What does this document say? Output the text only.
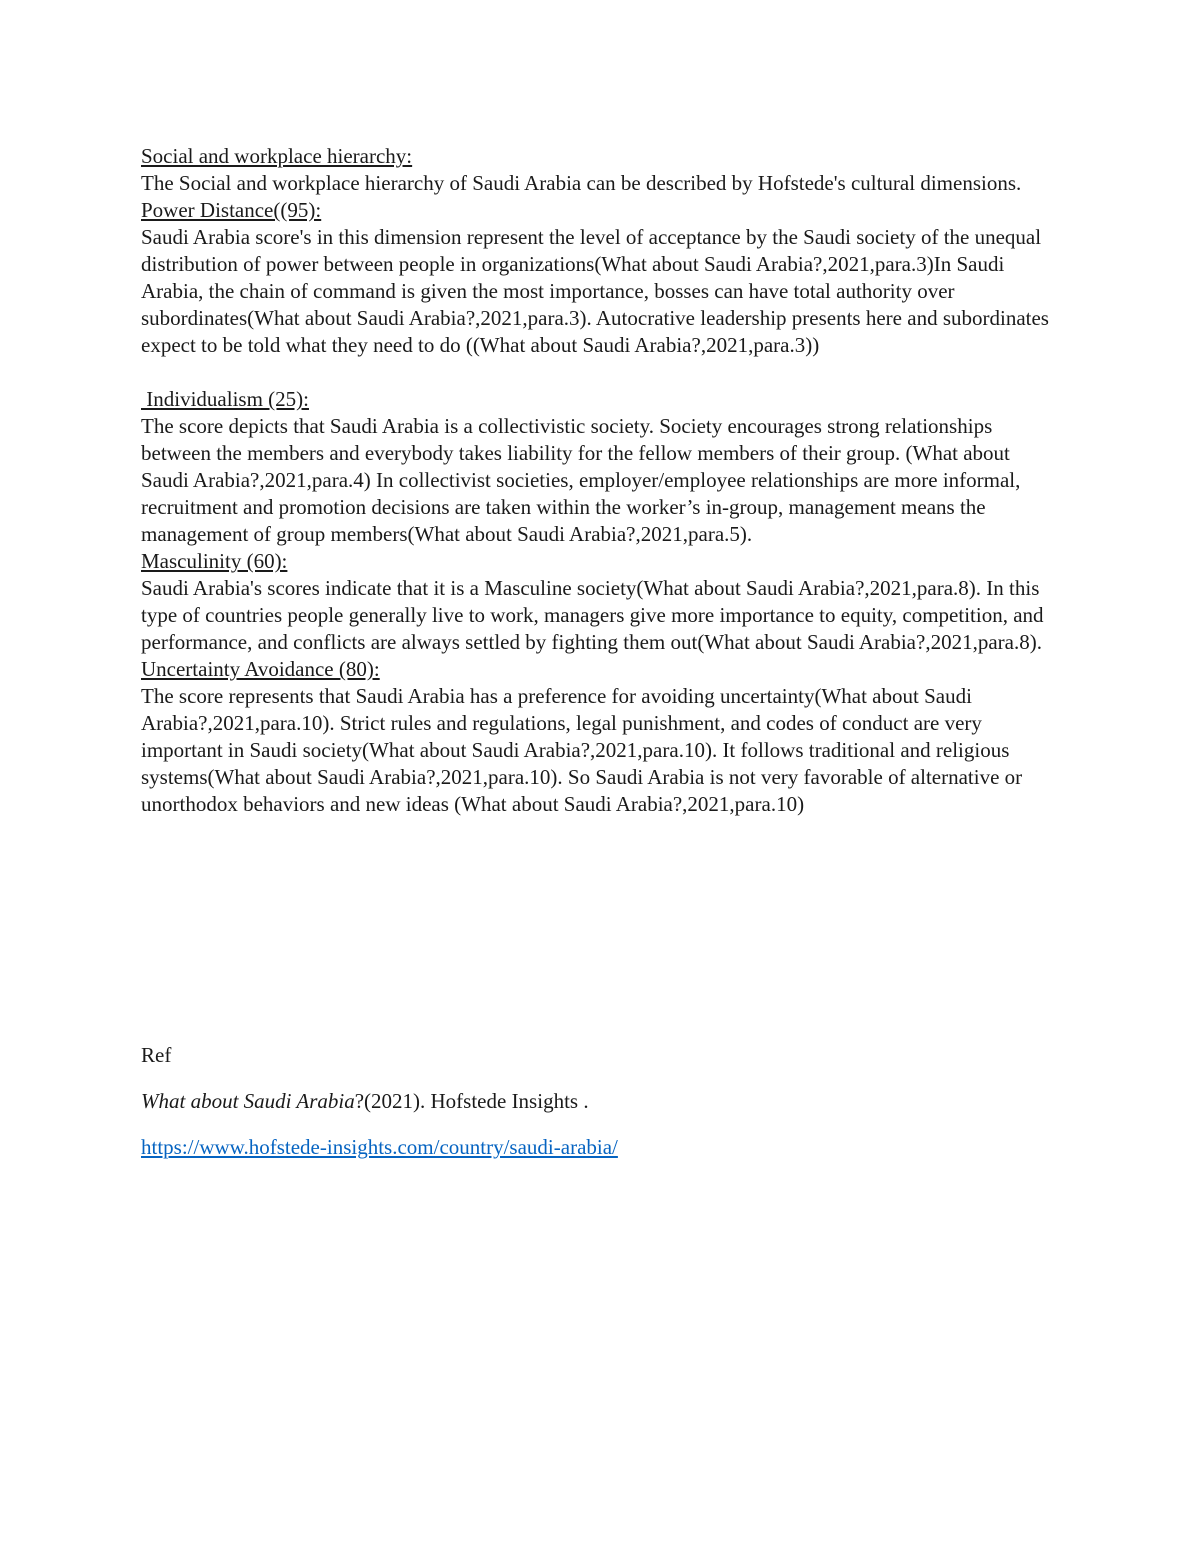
Social and workplace hierarchy:

The Social and workplace hierarchy of Saudi Arabia can be described by Hofstede's cultural dimensions.

Power Distance((95):

Saudi Arabia score's in this dimension represent the level of acceptance by the Saudi society of the unequal distribution of power between people in organizations(What about Saudi Arabia?,2021,para.3)In Saudi Arabia, the chain of command is given the most importance, bosses can have total authority over subordinates(What about Saudi Arabia?,2021,para.3). Autocrative leadership presents here and subordinates expect to be told what they need to do ((What about Saudi Arabia?,2021,para.3))

Individualism (25):

The score depicts that Saudi Arabia is a collectivistic society. Society encourages strong relationships between the members and everybody takes liability for the fellow members of their group. (What about Saudi Arabia?,2021,para.4) In collectivist societies, employer/employee relationships are more informal, recruitment and promotion decisions are taken within the worker’s in-group, management means the management of group members(What about Saudi Arabia?,2021,para.5).

Masculinity (60):

Saudi Arabia's scores indicate that it is a Masculine society(What about Saudi Arabia?,2021,para.8). In this type of countries people generally live to work, managers give more importance to equity, competition, and performance, and conflicts are always settled by fighting them out(What about Saudi Arabia?,2021,para.8).

Uncertainty Avoidance (80):

The score represents that Saudi Arabia has a preference for avoiding uncertainty(What about Saudi Arabia?,2021,para.10). Strict rules and regulations, legal punishment, and codes of conduct are very important in Saudi society(What about Saudi Arabia?,2021,para.10). It follows traditional and religious systems(What about Saudi Arabia?,2021,para.10). So Saudi Arabia is not very favorable of alternative or unorthodox behaviors and new ideas (What about Saudi Arabia?,2021,para.10)

Ref

What about Saudi Arabia?(2021). Hofstede Insights .

https://www.hofstede-insights.com/country/saudi-arabia/
